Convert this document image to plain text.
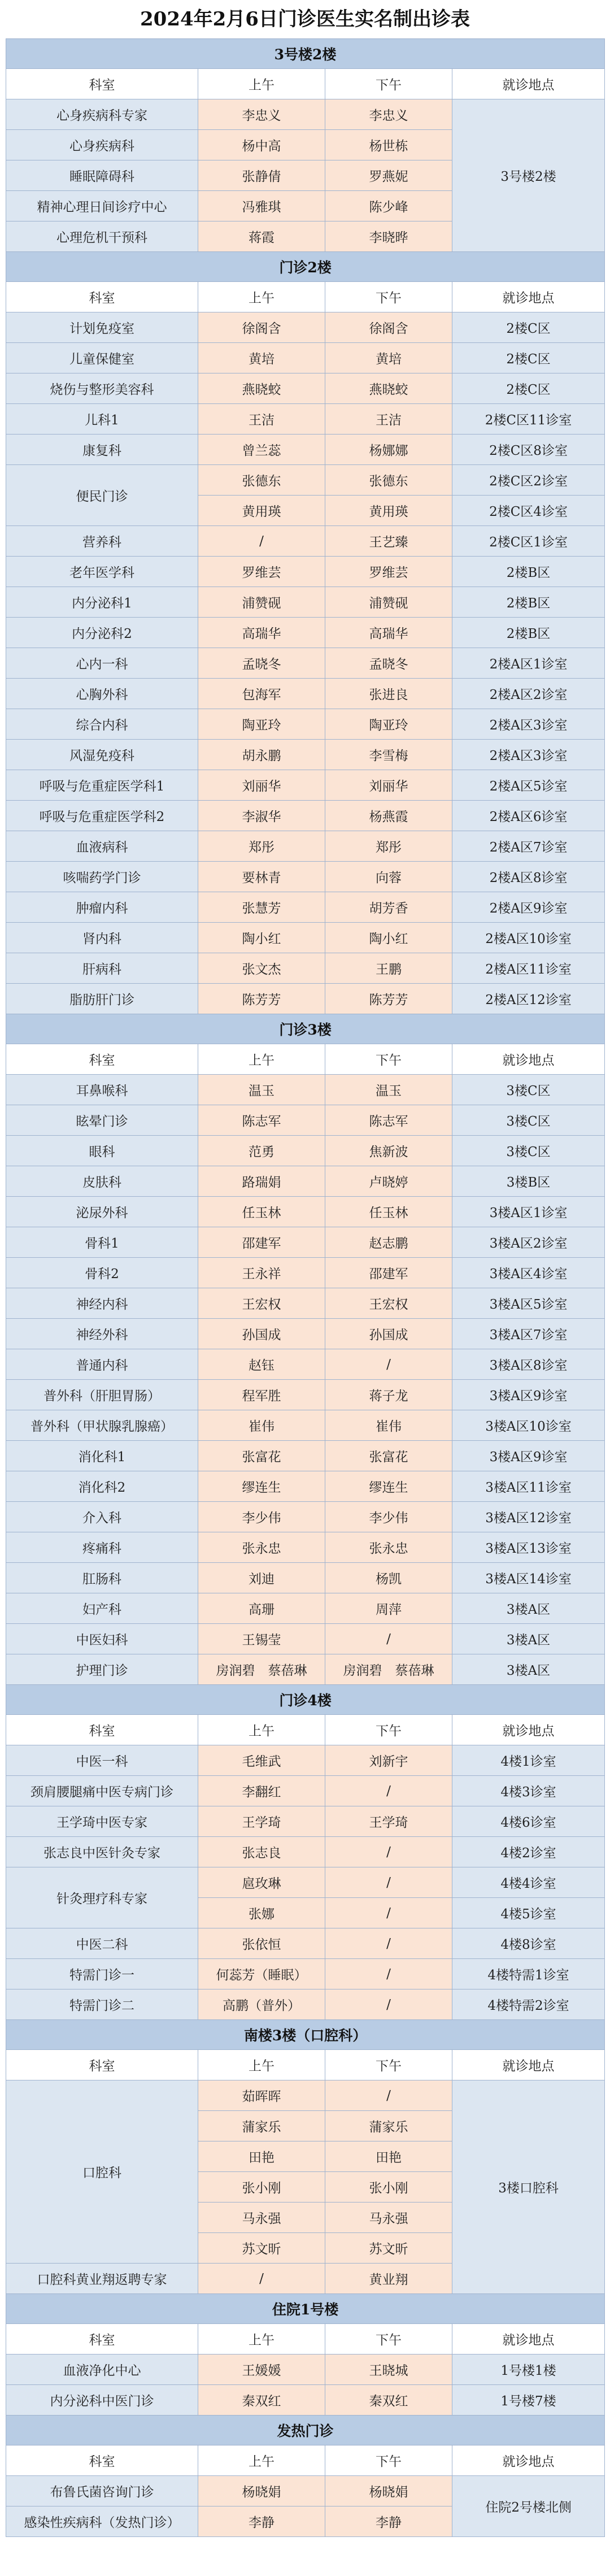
2024年2月6日门诊医生实名制出诊表
3号楼2楼			
科室	上午	下午	就诊地点
心身疾病科专家	李忠义	李忠义	3号楼2楼
心身疾病科	杨中高	杨世栋	
睡眠障碍科	张静倩	罗燕妮	
精神心理日间诊疗中心	冯雅琪	陈少峰	
心理危机干预科	蒋霞	李晓晔	
门诊2楼			
科室	上午	下午	就诊地点
计划免疫室	徐阁含	徐阁含	2楼C区
儿童保健室	黄培	黄培	2楼C区
烧伤与整形美容科	燕晓蛟	燕晓蛟	2楼C区
儿科1	王洁	王洁	2楼C区11诊室
康复科	曾兰蕊	杨娜娜	2楼C区8诊室
便民门诊	张德东	张德东	2楼C区2诊室
	黄用瑛	黄用瑛	2楼C区4诊室
营养科	/	王艺臻	2楼C区1诊室
老年医学科	罗维芸	罗维芸	2楼B区
内分泌科1	浦赞砚	浦赞砚	2楼B区
内分泌科2	高瑞华	高瑞华	2楼B区
心内一科	孟晓冬	孟晓冬	2楼A区1诊室
心胸外科	包海军	张进良	2楼A区2诊室
综合内科	陶亚玲	陶亚玲	2楼A区3诊室
风湿免疫科	胡永鹏	李雪梅	2楼A区3诊室
呼吸与危重症医学科1	刘丽华	刘丽华	2楼A区5诊室
呼吸与危重症医学科2	李淑华	杨燕霞	2楼A区6诊室
血液病科	郑彤	郑彤	2楼A区7诊室
咳喘药学门诊	要林青	向蓉	2楼A区8诊室
肿瘤内科	张慧芳	胡芳香	2楼A区9诊室
肾内科	陶小红	陶小红	2楼A区10诊室
肝病科	张文杰	王鹏	2楼A区11诊室
脂肪肝门诊	陈芳芳	陈芳芳	2楼A区12诊室
门诊3楼			
科室	上午	下午	就诊地点
耳鼻喉科	温玉	温玉	3楼C区
眩晕门诊	陈志军	陈志军	3楼C区
眼科	范勇	焦新波	3楼C区
皮肤科	路瑞娟	卢晓婷	3楼B区
泌尿外科	任玉林	任玉林	3楼A区1诊室
骨科1	邵建军	赵志鹏	3楼A区2诊室
骨科2	王永祥	邵建军	3楼A区4诊室
神经内科	王宏权	王宏权	3楼A区5诊室
神经外科	孙国成	孙国成	3楼A区7诊室
普通内科	赵钰	/	3楼A区8诊室
普外科（肝胆胃肠）	程军胜	蒋子龙	3楼A区9诊室
普外科（甲状腺乳腺癌）	崔伟	崔伟	3楼A区10诊室
消化科1	张富花	张富花	3楼A区9诊室
消化科2	缪连生	缪连生	3楼A区11诊室
介入科	李少伟	李少伟	3楼A区12诊室
疼痛科	张永忠	张永忠	3楼A区13诊室
肛肠科	刘迪	杨凯	3楼A区14诊室
妇产科	高珊	周萍	3楼A区
中医妇科	王锡莹	/	3楼A区
护理门诊	房润碧　蔡蓓琳	房润碧　蔡蓓琳	3楼A区
门诊4楼			
科室	上午	下午	就诊地点
中医一科	毛维武	刘新宇	4楼1诊室
颈肩腰腿痛中医专病门诊	李翻红	/	4楼3诊室
王学琦中医专家	王学琦	王学琦	4楼6诊室
张志良中医针灸专家	张志良	/	4楼2诊室
针灸理疗科专家	扈玫琳	/	4楼4诊室
	张娜	/	4楼5诊室
中医二科	张依恒	/	4楼8诊室
特需门诊一	何蕊芳（睡眠）	/	4楼特需1诊室
特需门诊二	高鹏（普外）	/	4楼特需2诊室
南楼3楼（口腔科）			
科室	上午	下午	就诊地点
口腔科	茹晖晖	/	3楼口腔科
	蒲家乐	蒲家乐	
	田艳	田艳	
	张小刚	张小刚	
	马永强	马永强	
	苏文昕	苏文昕	
口腔科黄业翔返聘专家	/	黄业翔	
住院1号楼			
科室	上午	下午	就诊地点
血液净化中心	王媛媛	王晓城	1号楼1楼
内分泌科中医门诊	秦双红	秦双红	1号楼7楼
发热门诊			
科室	上午	下午	就诊地点
布鲁氏菌咨询门诊	杨晓娟	杨晓娟	住院2号楼北侧
感染性疾病科（发热门诊）	李静	李静	
